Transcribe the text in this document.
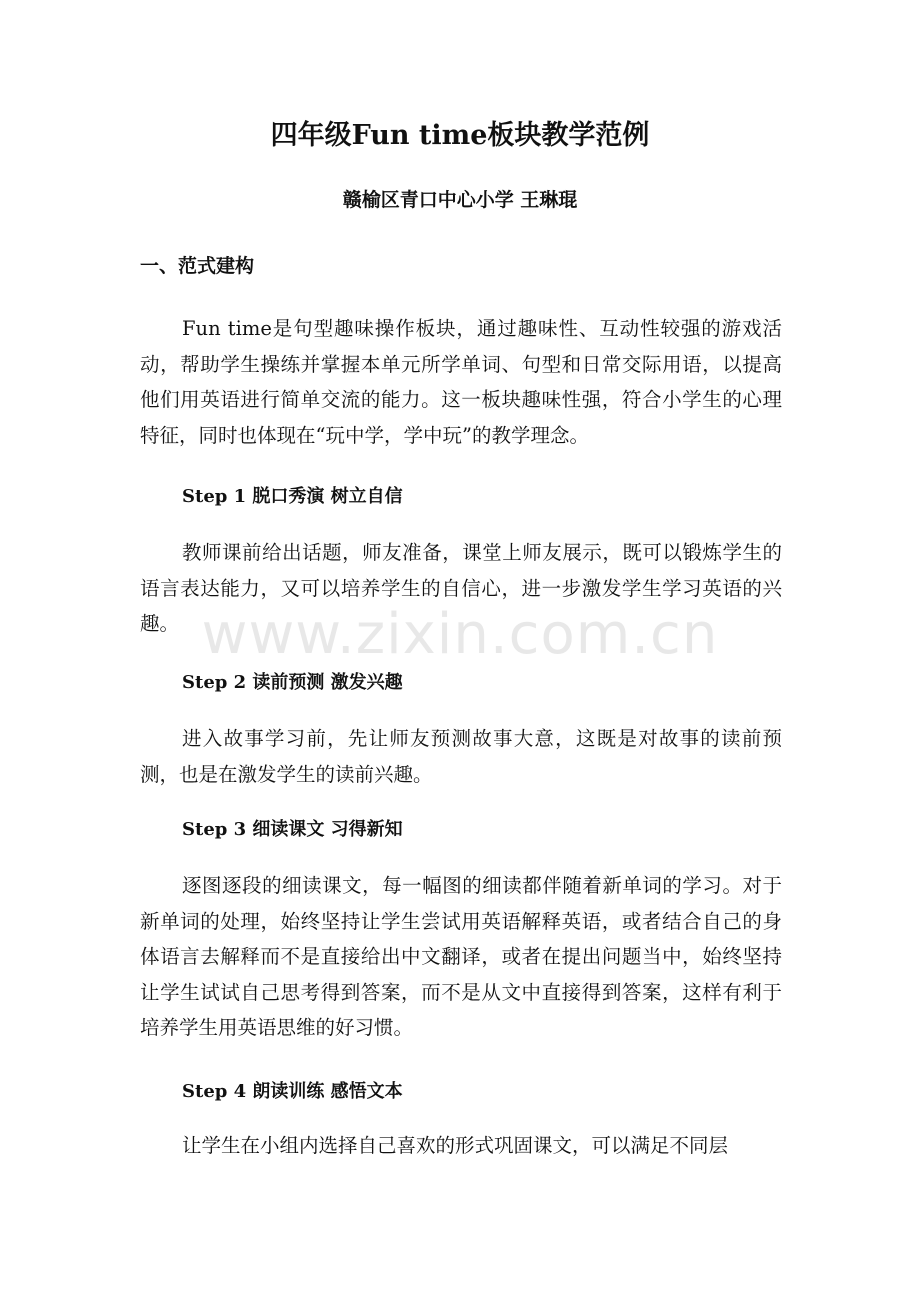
四年级Fun time板块教学范例
赣榆区青口中心小学 王琳琨
一、范式建构

Fun time是句型趣味操作板块，通过趣味性、互动性较强的游戏活动，帮助学生操练并掌握本单元所学单词、句型和日常交际用语，以提高他们用英语进行简单交流的能力。这一板块趣味性强，符合小学生的心理特征，同时也体现在“玩中学，学中玩”的教学理念。

Step 1 脱口秀演 树立自信

教师课前给出话题，师友准备，课堂上师友展示，既可以锻炼学生的语言表达能力，又可以培养学生的自信心，进一步激发学生学习英语的兴趣。

Step 2 读前预测 激发兴趣

进入故事学习前，先让师友预测故事大意，这既是对故事的读前预测，也是在激发学生的读前兴趣。

Step 3 细读课文 习得新知

逐图逐段的细读课文，每一幅图的细读都伴随着新单词的学习。对于新单词的处理，始终坚持让学生尝试用英语解释英语，或者结合自己的身体语言去解释而不是直接给出中文翻译，或者在提出问题当中，始终坚持让学生试试自己思考得到答案，而不是从文中直接得到答案，这样有利于培养学生用英语思维的好习惯。

Step 4 朗读训练 感悟文本

让学生在小组内选择自己喜欢的形式巩固课文，可以满足不同层

www.zixin.com.cn
